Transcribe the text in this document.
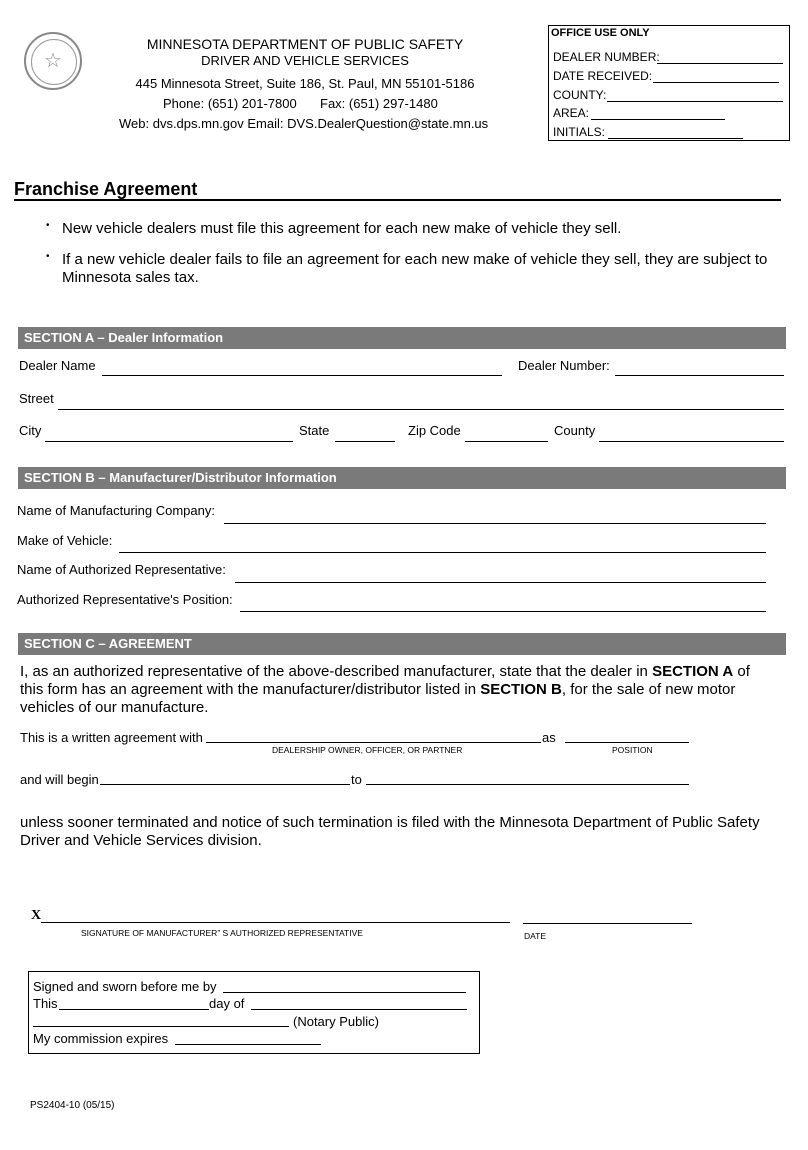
☆
MINNESOTA DEPARTMENT OF PUBLIC SAFETY
DRIVER AND VEHICLE SERVICES
445 Minnesota Street, Suite 186, St. Paul, MN 55101-5186
Phone: (651) 201-7800 Fax: (651) 297-1480
Web: dvs.dps.mn.gov Email: DVS.DealerQuestion@state.mn.us
OFFICE USE ONLY
DEALER NUMBER:
DATE RECEIVED:
COUNTY:
AREA:
INITIALS:
Franchise Agreement
• New vehicle dealers must file this agreement for each new make of vehicle they sell.
• If a new vehicle dealer fails to file an agreement for each new make of vehicle they sell, they are subject to Minnesota sales tax.
SECTION A – Dealer Information
Dealer Name	Dealer Number:
Street
City	State	Zip Code	County
SECTION B – Manufacturer/Distributor Information
Name of Manufacturing Company:
Make of Vehicle:
Name of Authorized Representative:
Authorized Representative's Position:
SECTION C – AGREEMENT
I, as an authorized representative of the above-described manufacturer, state that the dealer in SECTION A of this form has an agreement with the manufacturer/distributor listed in SECTION B, for the sale of new motor vehicles of our manufacture.
This is a written agreement with	as
DEALERSHIP OWNER, OFFICER, OR PARTNER	POSITION
and will begin	to
unless sooner terminated and notice of such termination is filed with the Minnesota Department of Public Safety Driver and Vehicle Services division.
X
SIGNATURE OF MANUFACTURER” S AUTHORIZED REPRESENTATIVE	DATE
Signed and sworn before me by
This	day of
(Notary Public)
My commission expires
PS2404-10 (05/15)
